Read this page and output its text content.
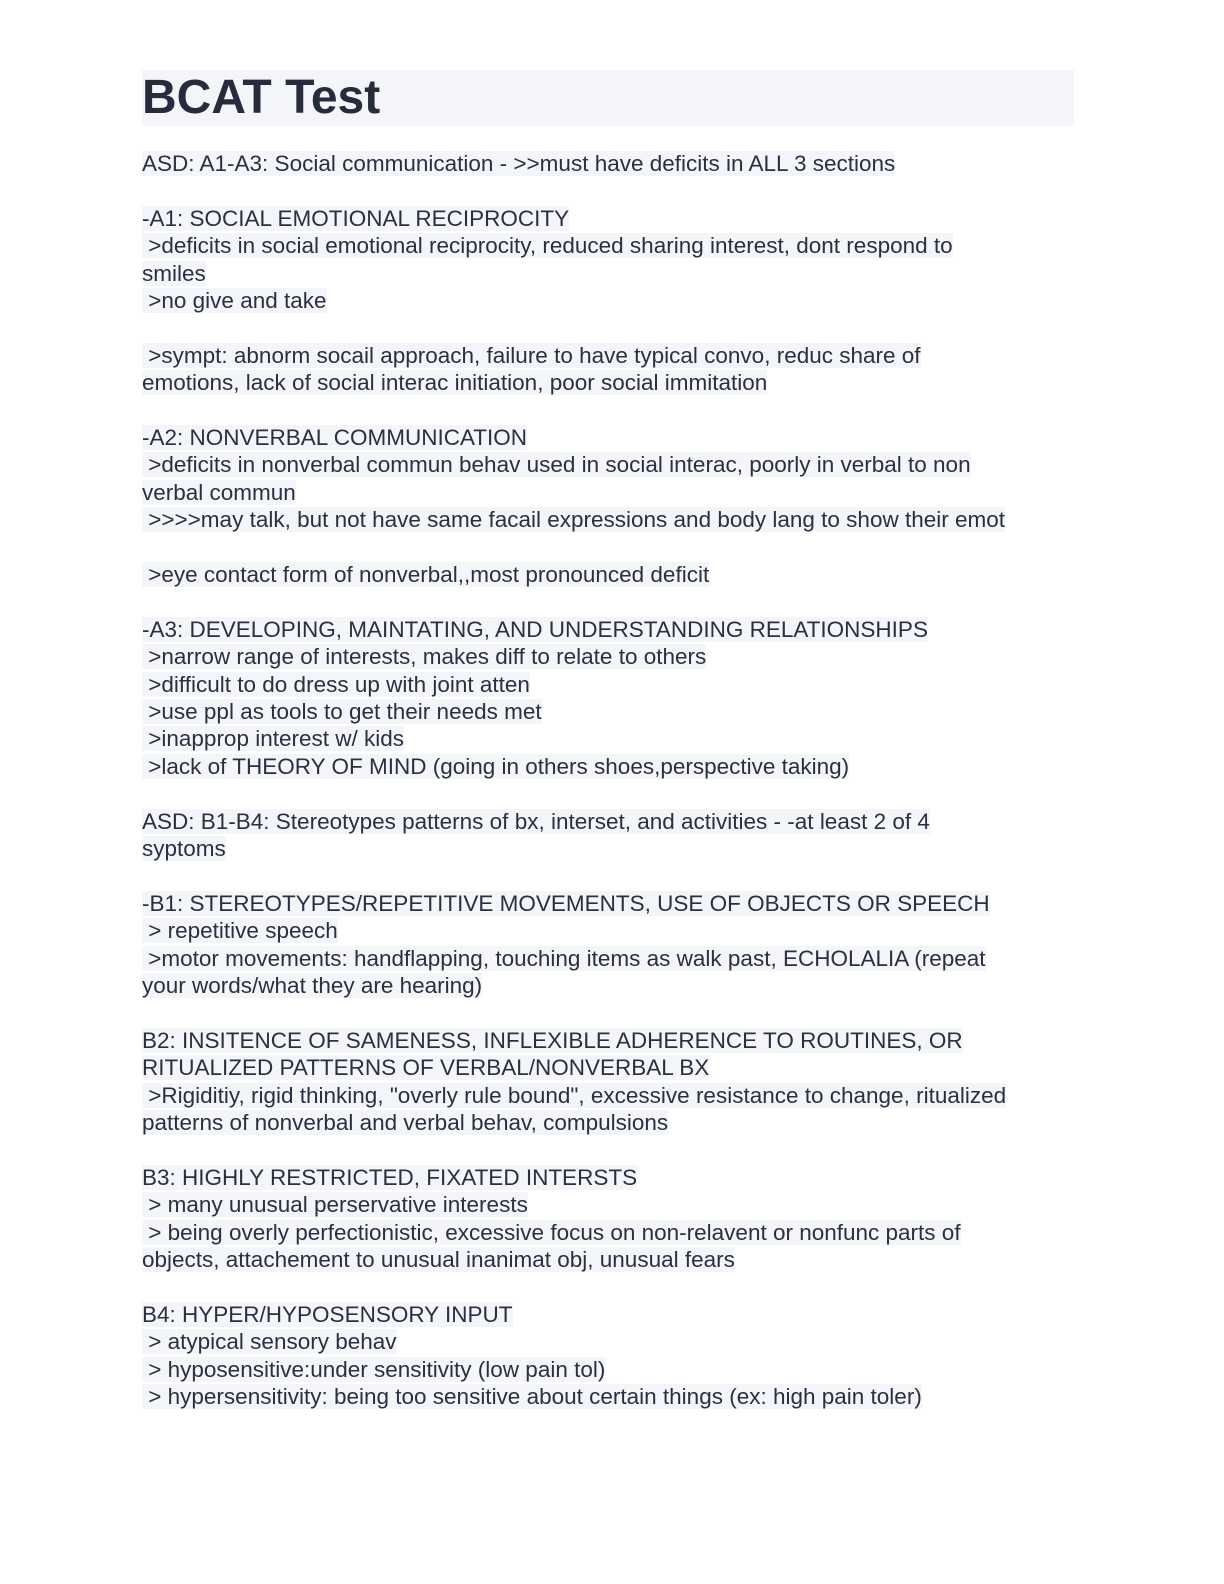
BCAT Test
ASD: A1-A3: Social communication - >>must have deficits in ALL 3 sections
-A1: SOCIAL EMOTIONAL RECIPROCITY
>deficits in social emotional reciprocity, reduced sharing interest, dont respond to
smiles
>no give and take
>sympt: abnorm socail approach, failure to have typical convo, reduc share of
emotions, lack of social interac initiation, poor social immitation
-A2: NONVERBAL COMMUNICATION
>deficits in nonverbal commun behav used in social interac, poorly in verbal to non
verbal commun
>>>>may talk, but not have same facail expressions and body lang to show their emot
>eye contact form of nonverbal,,most pronounced deficit
-A3: DEVELOPING, MAINTATING, AND UNDERSTANDING RELATIONSHIPS
>narrow range of interests, makes diff to relate to others
>difficult to do dress up with joint atten
>use ppl as tools to get their needs met
>inapprop interest w/ kids
>lack of THEORY OF MIND (going in others shoes,perspective taking)
ASD: B1-B4: Stereotypes patterns of bx, interset, and activities - -at least 2 of 4
syptoms
-B1: STEREOTYPES/REPETITIVE MOVEMENTS, USE OF OBJECTS OR SPEECH
> repetitive speech
>motor movements: handflapping, touching items as walk past, ECHOLALIA (repeat
your words/what they are hearing)
B2: INSITENCE OF SAMENESS, INFLEXIBLE ADHERENCE TO ROUTINES, OR
RITUALIZED PATTERNS OF VERBAL/NONVERBAL BX
>Rigiditiy, rigid thinking, "overly rule bound", excessive resistance to change, ritualized
patterns of nonverbal and verbal behav, compulsions
B3: HIGHLY RESTRICTED, FIXATED INTERSTS
> many unusual perservative interests
> being overly perfectionistic, excessive focus on non-relavent or nonfunc parts of
objects, attachement to unusual inanimat obj, unusual fears
B4: HYPER/HYPOSENSORY INPUT
> atypical sensory behav
> hyposensitive:under sensitivity (low pain tol)
> hypersensitivity: being too sensitive about certain things (ex: high pain toler)
